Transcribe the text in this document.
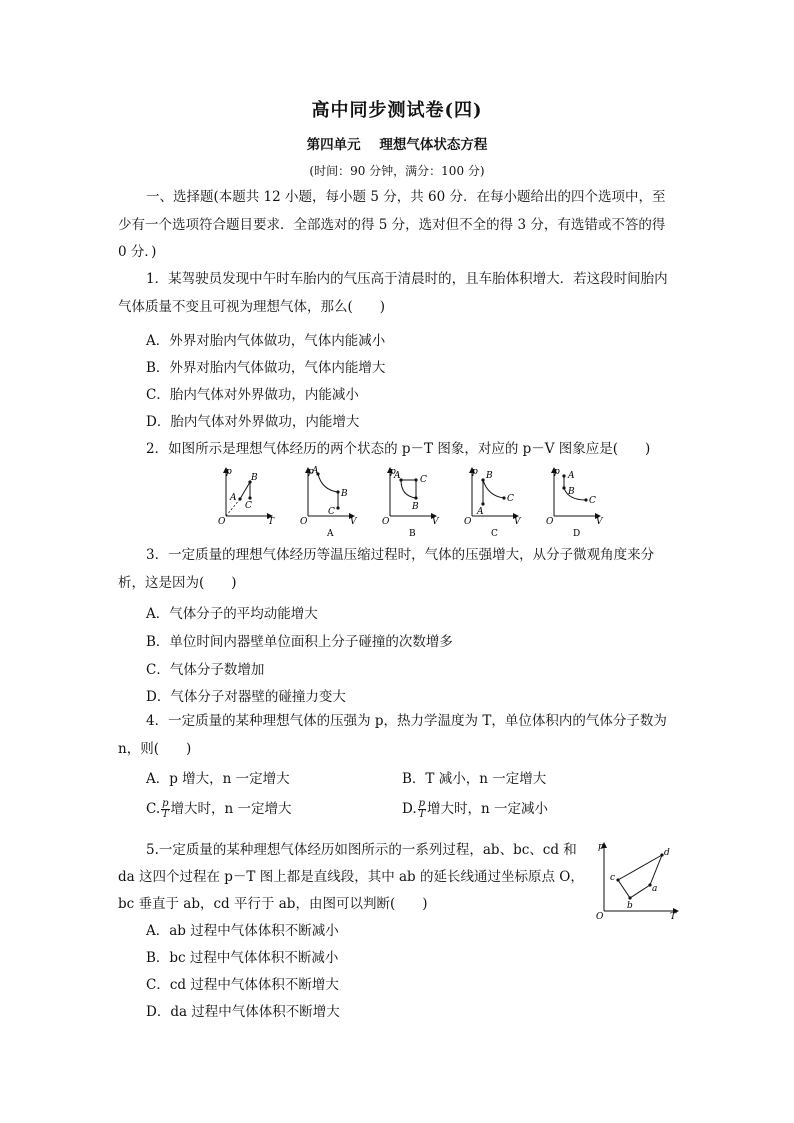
高中同步测试卷(四)
第四单元 理想气体状态方程
(时间：90 分钟，满分：100 分)
一、选择题(本题共 12 小题，每小题 5 分，共 60 分．在每小题给出的四个选项中，至少有一个选项符合题目要求．全部选对的得 5 分，选对但不全的得 3 分，有选错或不答的得 0 分．)
1．某驾驶员发现中午时车胎内的气压高于清晨时的，且车胎体积增大．若这段时间胎内气体质量不变且可视为理想气体，那么(　　)
A．外界对胎内气体做功，气体内能减小
B．外界对胎内气体做功，气体内能增大
C．胎内气体对外界做功，内能减小
D．胎内气体对外界做功，内能增大
2．如图所示是理想气体经历的两个状态的 p－T 图象，对应的 p－V 图象应是(　　)
p
O	T
A
B
C
p
O	V
A
B
C
A
p
O	V
A C
B
B
p
O	V
B
A
C
C
p
O	V
A
B
C
D
3．一定质量的理想气体经历等温压缩过程时，气体的压强增大，从分子微观角度来分析，这是因为(　　)
A．气体分子的平均动能增大
B．单位时间内器壁单位面积上分子碰撞的次数增多
C．气体分子数增加
D．气体分子对器壁的碰撞力变大
4．一定质量的某种理想气体的压强为 p，热力学温度为 T，单位体积内的气体分子数为 n，则(　　)
A．p 增大，n 一定增大	B．T 减小，n 一定增大
C. $\frac{p}{T}$ 增大时，n 一定增大	D. $\frac{p}{T}$ 增大时，n 一定减小
5.一定质量的某种理想气体经历如图所示的一系列过程，ab、bc、cd 和
da 这四个过程在 p－T 图上都是直线段，其中 ab 的延长线通过坐标原点 O，
bc 垂直于 ab，cd 平行于 ab，由图可以判断(　　)
A．ab 过程中气体体积不断减小
B．bc 过程中气体体积不断减小
C．cd 过程中气体体积不断增大
D．da 过程中气体体积不断增大
p
O	T
c
b
a
d
